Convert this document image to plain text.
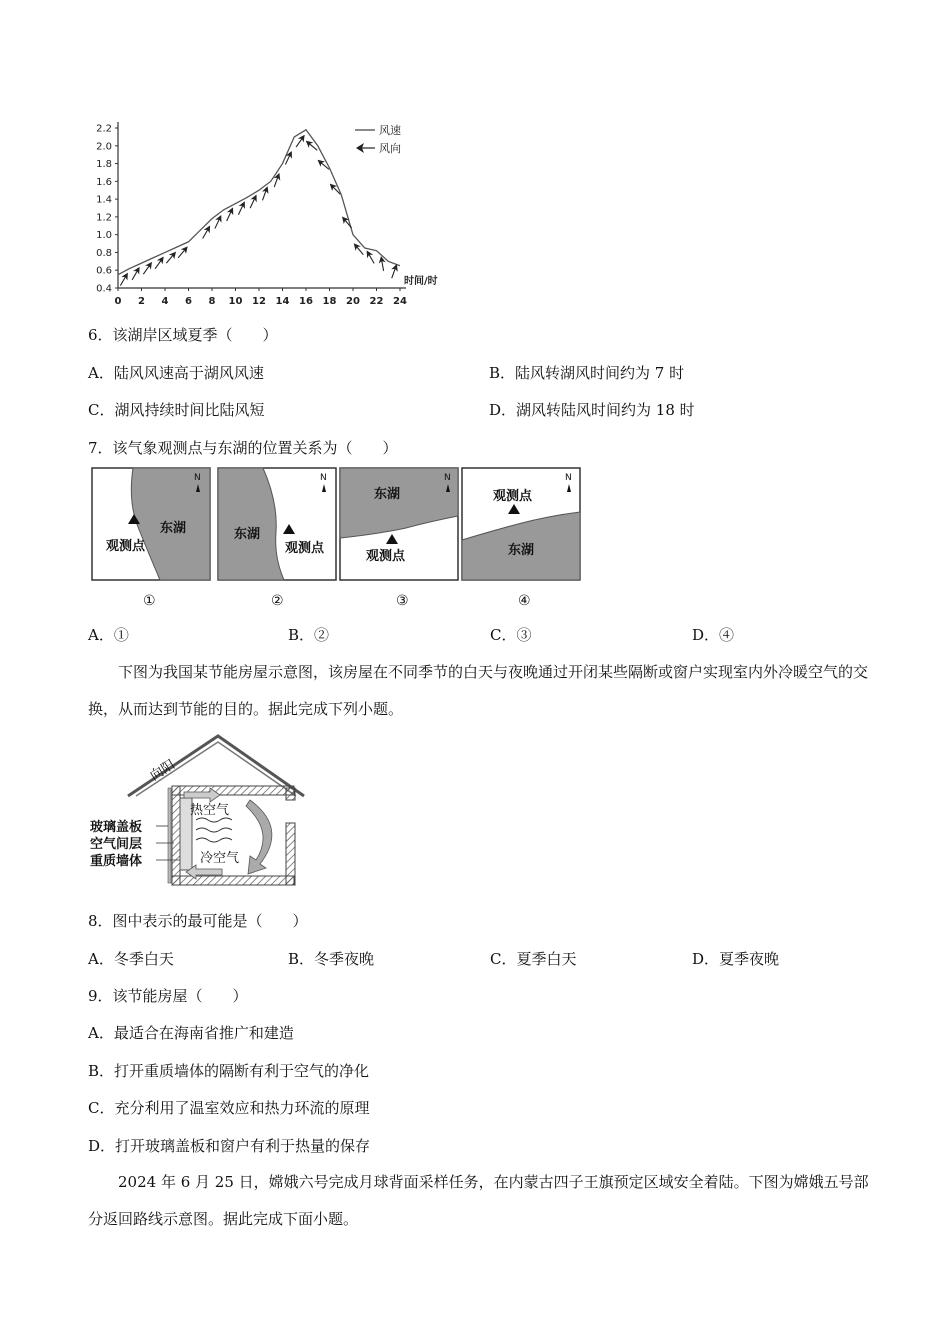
0.4
0.6
0.8
1.0
1.2
1.4
1.6
1.8
2.0
2.2
0 2 4 6 8 10 12 14 16 18 20 22 24
时间/时
风速
风向
6．该湖岸区域夏季（　　）
A．陆风风速高于湖风风速	B．陆风转湖风时间约为 7 时
C．湖风持续时间比陆风短	D．湖风转陆风时间约为 18 时
7．该气象观测点与东湖的位置关系为（　　）
东湖
观测点
N
①
东湖
观测点
N
②
东湖
观测点
N
③
东湖
观测点
N
④
A．①	B．②	C．③	D．④
下图为我国某节能房屋示意图，该房屋在不同季节的白天与夜晚通过开闭某些隔断或窗户实现室内外冷暖空气的交换，从而达到节能的目的。据此完成下列小题。
向阳
热空气
冷空气
玻璃盖板
空气间层
重质墙体
8．图中表示的最可能是（　　）
A．冬季白天	B．冬季夜晚	C．夏季白天	D．夏季夜晚
9．该节能房屋（　　）
A．最适合在海南省推广和建造
B．打开重质墙体的隔断有利于空气的净化
C．充分利用了温室效应和热力环流的原理
D．打开玻璃盖板和窗户有利于热量的保存
2024 年 6 月 25 日，嫦娥六号完成月球背面采样任务，在内蒙古四子王旗预定区域安全着陆。下图为嫦娥五号部分返回路线示意图。据此完成下面小题。
